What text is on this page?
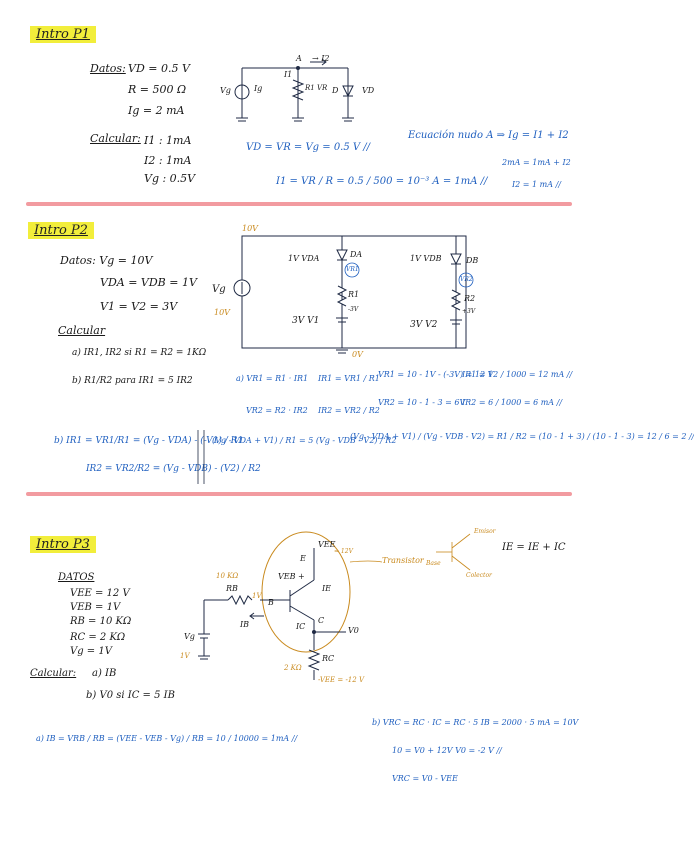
Intro P1
Datos: VD = 0.5 V
R = 500 Ω
Ig = 2 mA
Calcular: I1 : 1mA
I2 : 1mA
Vg : 0.5V
A → I2
I1
Vg	Ig	R1 VR D	VD
VD = VR = Vg = 0.5 V //
I1 = VR / R = 0.5 / 500 = 10⁻³ A = 1mA //
Ecuación nudo A ⇒ Ig = I1 + I2
2mA = 1mA + I2
I2 = 1 mA //
Intro P2
Datos: Vg = 10V
VDA = VDB = 1V
V1 = V2 = 3V
Calcular
a) IR1, IR2 si R1 = R2 = 1KΩ
b) R1/R2 para IR1 = 5 IR2
10V
1V VDA	DA
VR1
R1
-3V
3V V1
1V VDB	DB
VR2
R2
+3V
3V V2
Vg
10V
0V
a) VR1 = R1 · IR1 IR1 = VR1 / R1
VR1 = 10 - 1V - (-3V) = 12 V
IR1 = 12 / 1000 = 12 mA //
VR2 = R2 · IR2 IR2 = VR2 / R2
VR2 = 10 - 1 - 3 = 6V
IR2 = 6 / 1000 = 6 mA //
b) IR1 = VR1/R1 = (Vg - VDA) - (-V1) / R1
IR2 = VR2/R2 = (Vg - VDB) - (V2) / R2
(Vg - VDA + V1) / R1 = 5 (Vg - VDB - V2) / R2
(Vg - VDA + V1) / (Vg - VDB - V2) = R1 / R2 = (10 - 1 + 3) / (10 - 1 - 3) = 12 / 6 = 2 //
Intro P3
DATOS
VEE = 12 V
VEB = 1V
RB = 10 KΩ
RC = 2 KΩ
Vg = 1V
Calcular: a) IB
b) V0 si IC = 5 IB
VEE
= 12V
E
VEB +
IE
B
C
IC
IB
RB
10 KΩ
1V
Vg
1V
V0
RC
2 KΩ
-VEE = -12 V
Transistor
Emisor
Base
Colector
IE = IE + IC
a) IB = VRB / RB = (VEE - VEB - Vg) / RB = 10 / 10000 = 1mA //
b) VRC = RC · IC = RC · 5 IB = 2000 · 5 mA = 10V
10 = V0 + 12V V0 = -2 V //
VRC = V0 - VEE
